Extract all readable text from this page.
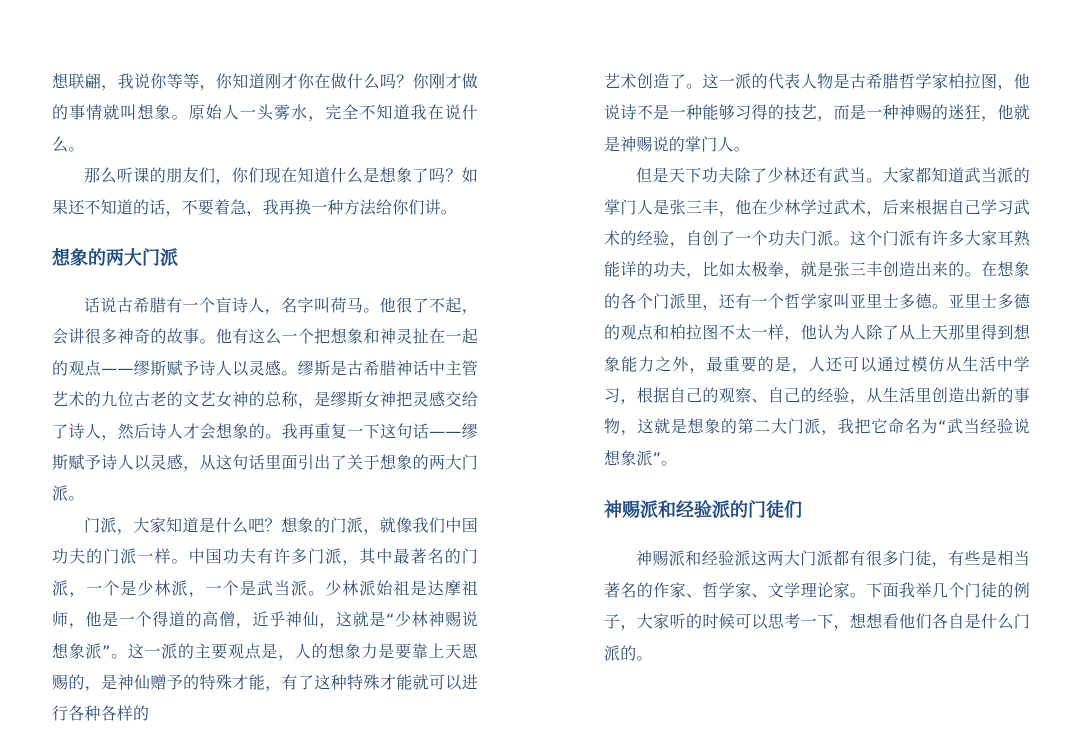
想联翩，我说你等等，你知道刚才你在做什么吗？你刚才做的事情就叫想象。原始人一头雾水，完全不知道我在说什么。

那么听课的朋友们，你们现在知道什么是想象了吗？如果还不知道的话，不要着急，我再换一种方法给你们讲。

想象的两大门派

话说古希腊有一个盲诗人，名字叫荷马。他很了不起，会讲很多神奇的故事。他有这么一个把想象和神灵扯在一起的观点——缪斯赋予诗人以灵感。缪斯是古希腊神话中主管艺术的九位古老的文艺女神的总称，是缪斯女神把灵感交给了诗人，然后诗人才会想象的。我再重复一下这句话——缪斯赋予诗人以灵感，从这句话里面引出了关于想象的两大门派。

门派，大家知道是什么吧？想象的门派，就像我们中国功夫的门派一样。中国功夫有许多门派，其中最著名的门派，一个是少林派，一个是武当派。少林派始祖是达摩祖师，他是一个得道的高僧，近乎神仙，这就是“少林神赐说想象派”。这一派的主要观点是，人的想象力是要靠上天恩赐的，是神仙赠予的特殊才能，有了这种特殊才能就可以进行各种各样的

艺术创造了。这一派的代表人物是古希腊哲学家柏拉图，他说诗不是一种能够习得的技艺，而是一种神赐的迷狂，他就是神赐说的掌门人。

但是天下功夫除了少林还有武当。大家都知道武当派的掌门人是张三丰，他在少林学过武术，后来根据自己学习武术的经验，自创了一个功夫门派。这个门派有许多大家耳熟能详的功夫，比如太极拳，就是张三丰创造出来的。在想象的各个门派里，还有一个哲学家叫亚里士多德。亚里士多德的观点和柏拉图不太一样，他认为人除了从上天那里得到想象能力之外，最重要的是，人还可以通过模仿从生活中学习，根据自己的观察、自己的经验，从生活里创造出新的事物，这就是想象的第二大门派，我把它命名为“武当经验说想象派”。

神赐派和经验派的门徒们

神赐派和经验派这两大门派都有很多门徒，有些是相当著名的作家、哲学家、文学理论家。下面我举几个门徒的例子，大家听的时候可以思考一下，想想看他们各自是什么门派的。
